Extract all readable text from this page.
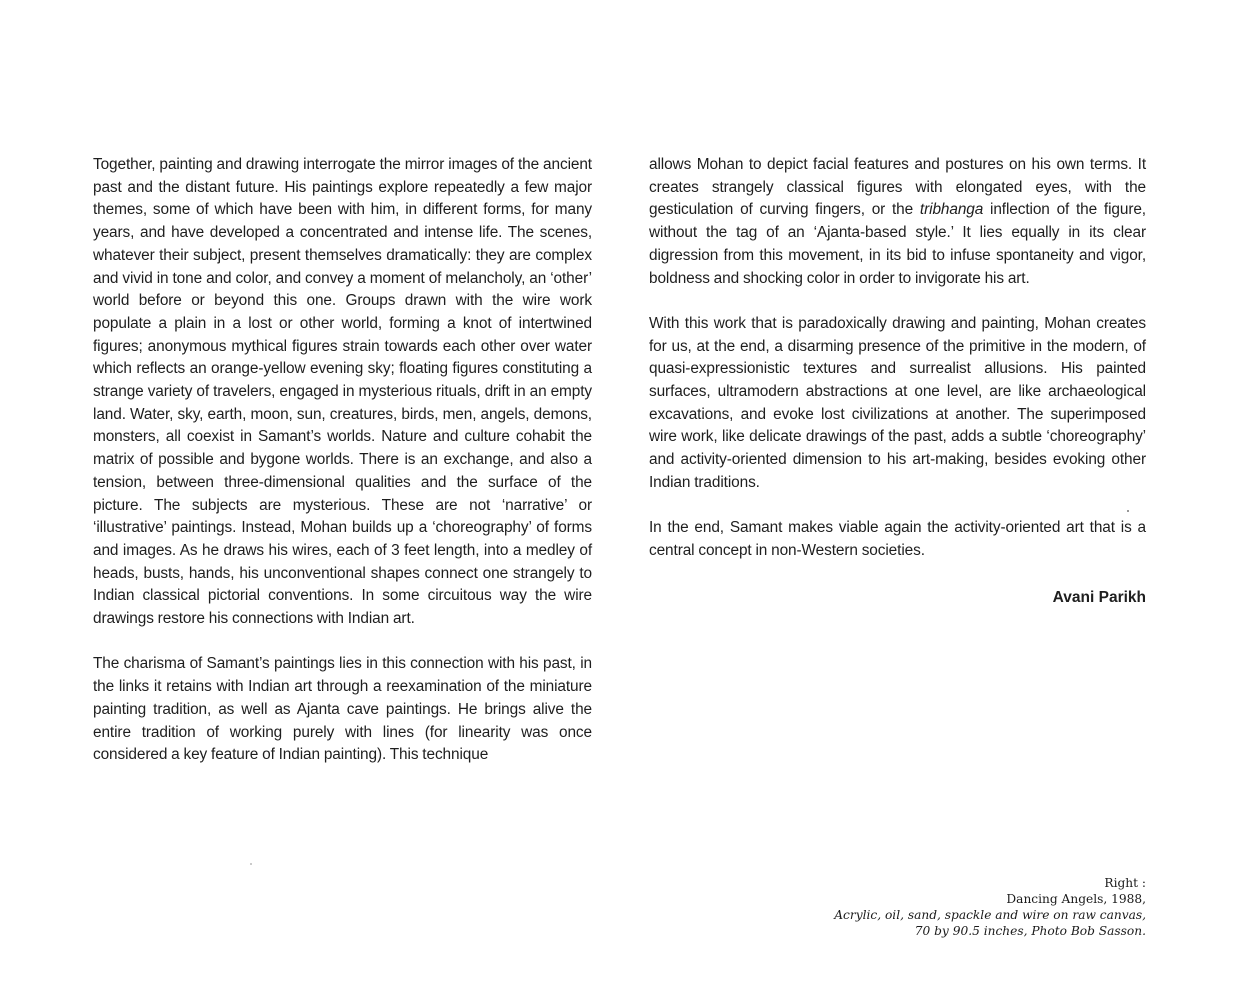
Together, painting and drawing interrogate the mirror images of the ancient past and the distant future. His paintings explore repeatedly a few major themes, some of which have been with him, in different forms, for many years, and have developed a concentrated and intense life. The scenes, whatever their subject, present themselves dramatically: they are complex and vivid in tone and color, and convey a moment of melancholy, an ‘other’ world before or beyond this one. Groups drawn with the wire work populate a plain in a lost or other world, forming a knot of intertwined figures; anonymous mythical figures strain towards each other over water which reflects an orange-yellow evening sky; floating figures constituting a strange variety of travelers, engaged in mysterious rituals, drift in an empty land. Water, sky, earth, moon, sun, creatures, birds, men, angels, demons, monsters, all coexist in Samant’s worlds. Nature and culture cohabit the matrix of possible and bygone worlds. There is an exchange, and also a tension, between three-dimensional qualities and the surface of the picture. The subjects are mysterious. These are not ‘narrative’ or ‘illustrative’ paintings. Instead, Mohan builds up a ‘choreography’ of forms and images. As he draws his wires, each of 3 feet length, into a medley of heads, busts, hands, his unconventional shapes connect one strangely to Indian classical pictorial conventions. In some circuitous way the wire drawings restore his connections with Indian art.

The charisma of Samant’s paintings lies in this connection with his past, in the links it retains with Indian art through a reexamination of the miniature painting tradition, as well as Ajanta cave paintings. He brings alive the entire tradition of working purely with lines (for linearity was once considered a key feature of Indian painting). This technique

allows Mohan to depict facial features and postures on his own terms. It creates strangely classical figures with elongated eyes, with the gesticulation of curving fingers, or the tribhanga inflection of the figure, without the tag of an ‘Ajanta-based style.’ It lies equally in its clear digression from this movement, in its bid to infuse spontaneity and vigor, boldness and shocking color in order to invigorate his art.

With this work that is paradoxically drawing and painting, Mohan creates for us, at the end, a disarming presence of the primitive in the modern, of quasi-expressionistic textures and surrealist allusions. His painted surfaces, ultramodern abstractions at one level, are like archaeological excavations, and evoke lost civilizations at another. The superimposed wire work, like delicate drawings of the past, adds a subtle ‘choreography’ and activity-oriented dimension to his art-making, besides evoking other Indian traditions.

In the end, Samant makes viable again the activity-oriented art that is a central concept in non-Western societies.

Avani Parikh

Right :
Dancing Angels, 1988,
Acrylic, oil, sand, spackle and wire on raw canvas,
70 by 90.5 inches, Photo Bob Sasson.
